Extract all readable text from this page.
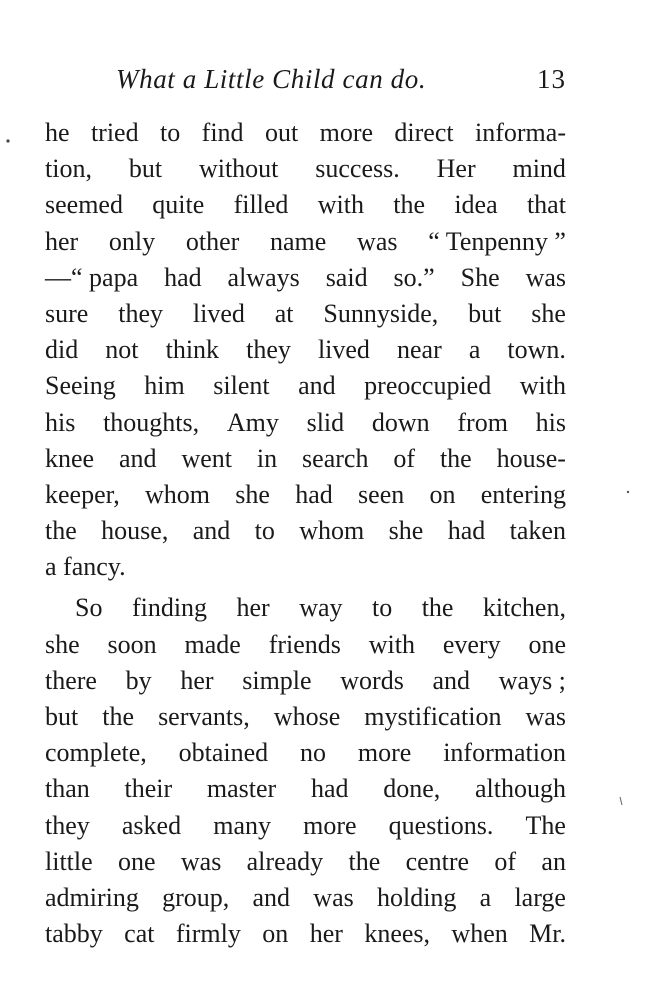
What a Little Child can do.	13
he tried to find out more direct informa-
tion, but without success. Her mind
seemed quite filled with the idea that
her only other name was “ Tenpenny ”
—“ papa had always said so.” She was
sure they lived at Sunnyside, but she
did not think they lived near a town.
Seeing him silent and preoccupied with
his thoughts, Amy slid down from his
knee and went in search of the house-
keeper, whom she had seen on entering
the house, and to whom she had taken
a fancy.
So finding her way to the kitchen,
she soon made friends with every one
there by her simple words and ways ;
but the servants, whose mystification was
complete, obtained no more information
than their master had done, although
they asked many more questions. The
little one was already the centre of an
admiring group, and was holding a large
tabby cat firmly on her knees, when Mr.
